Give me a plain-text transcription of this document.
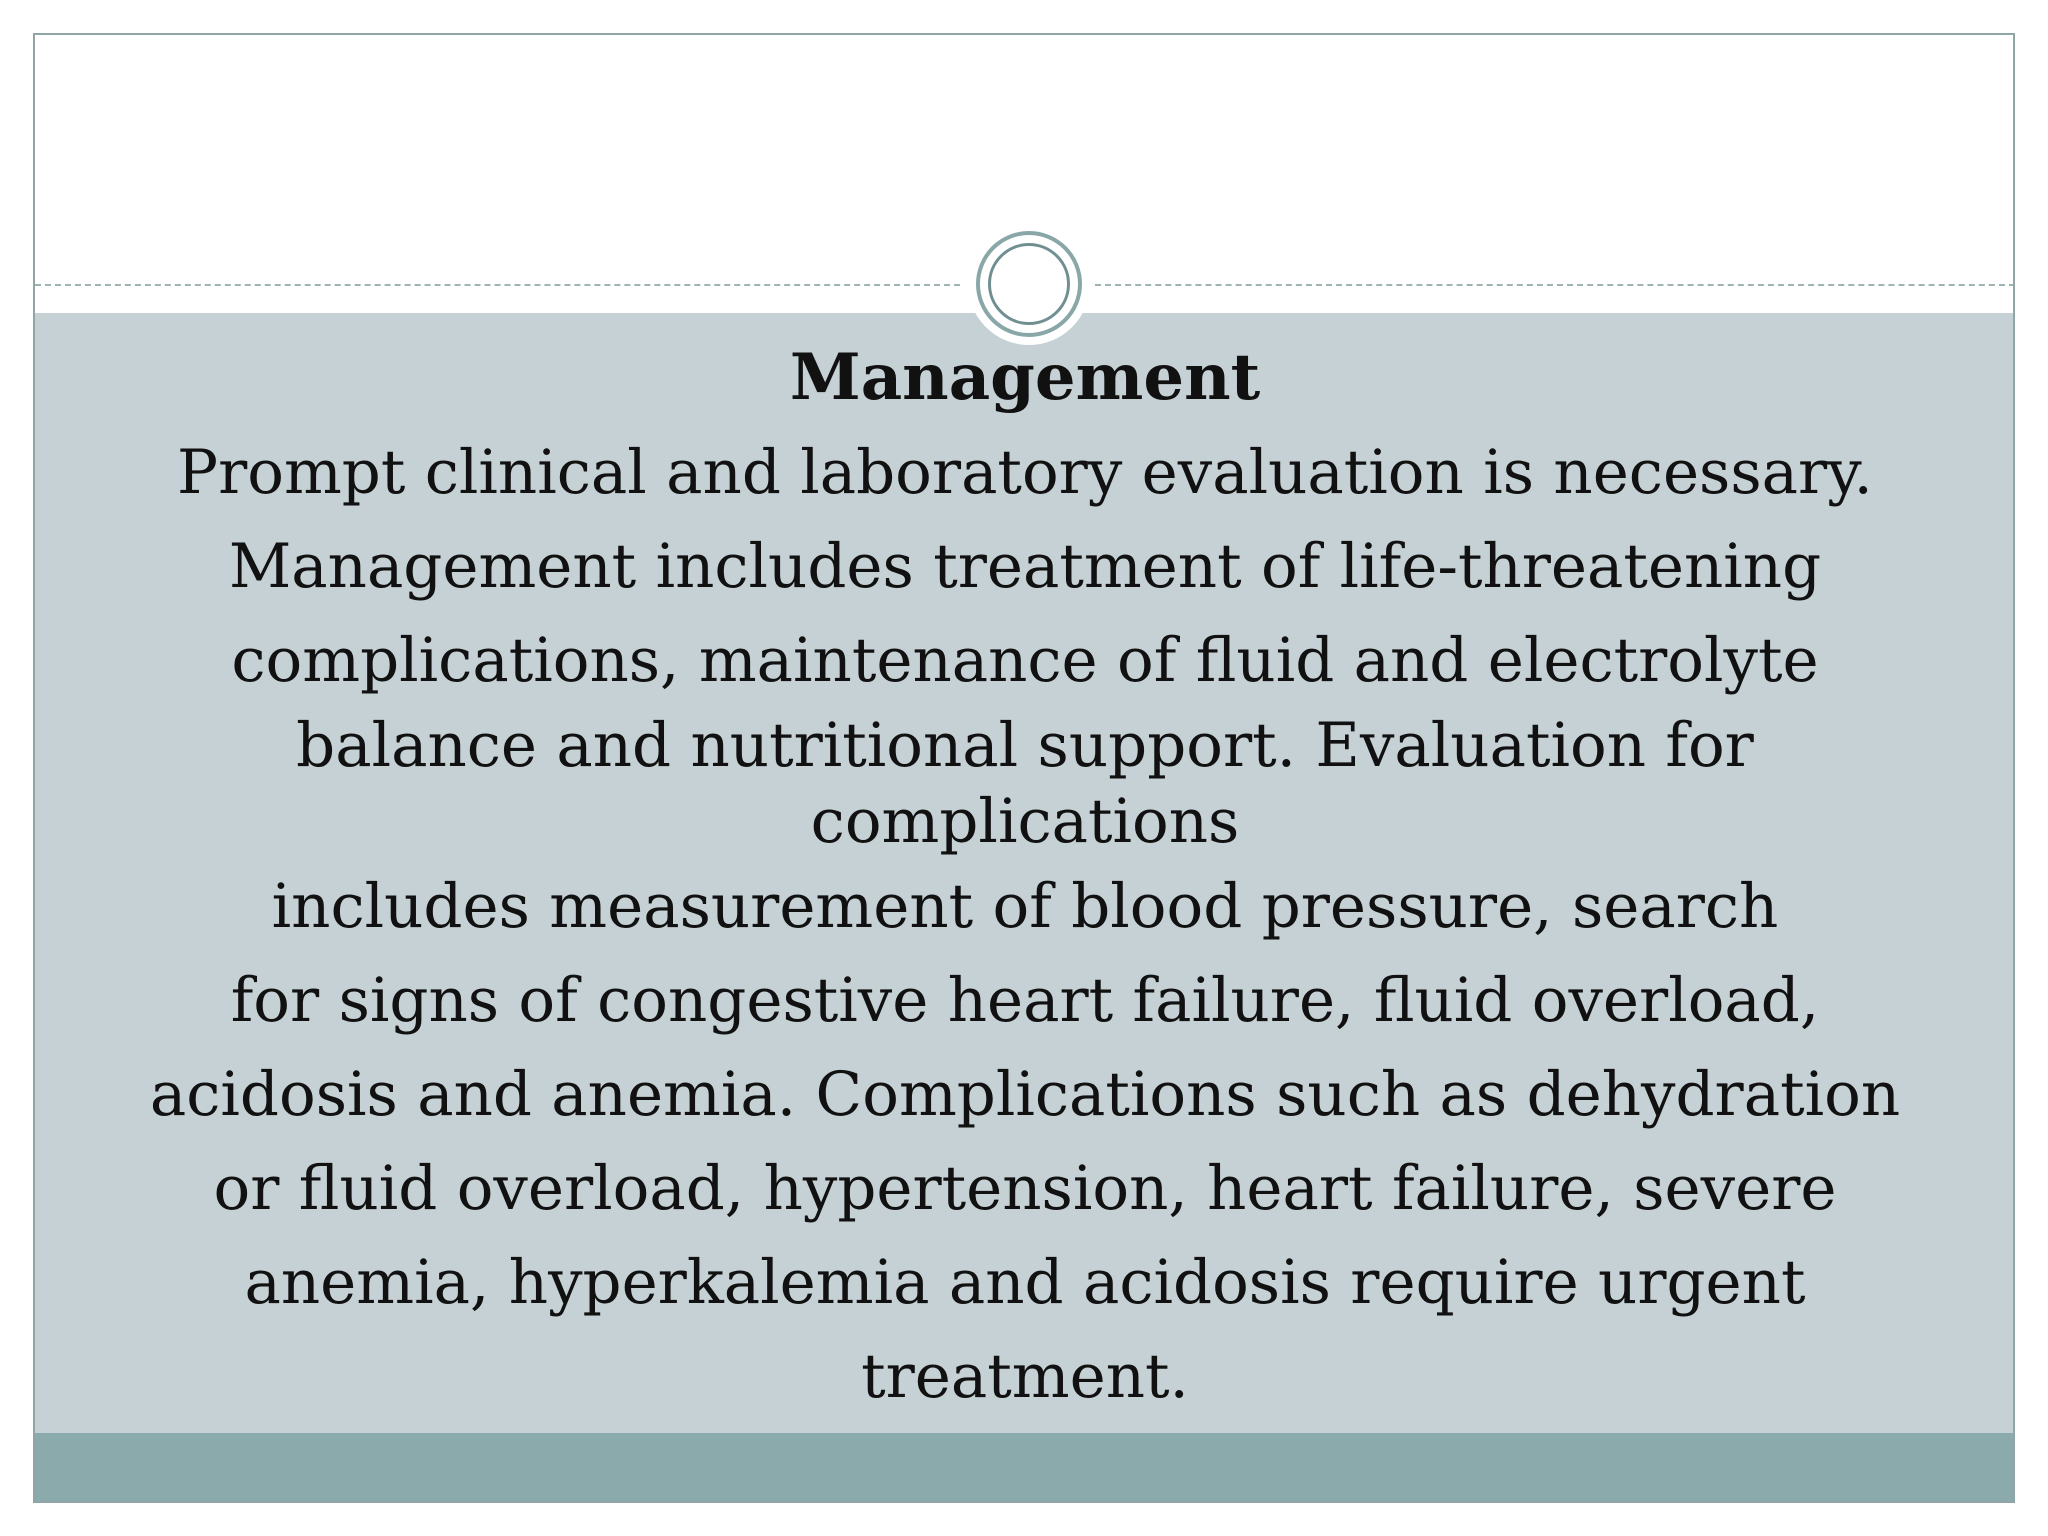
Management
Prompt clinical and laboratory evaluation is necessary.
Management includes treatment of life-threatening
complications, maintenance of fluid and electrolyte
balance and nutritional support. Evaluation for
complications
includes measurement of blood pressure, search
for signs of congestive heart failure, fluid overload,
acidosis and anemia. Complications such as dehydration
or fluid overload, hypertension, heart failure, severe
anemia, hyperkalemia and acidosis require urgent
treatment.
